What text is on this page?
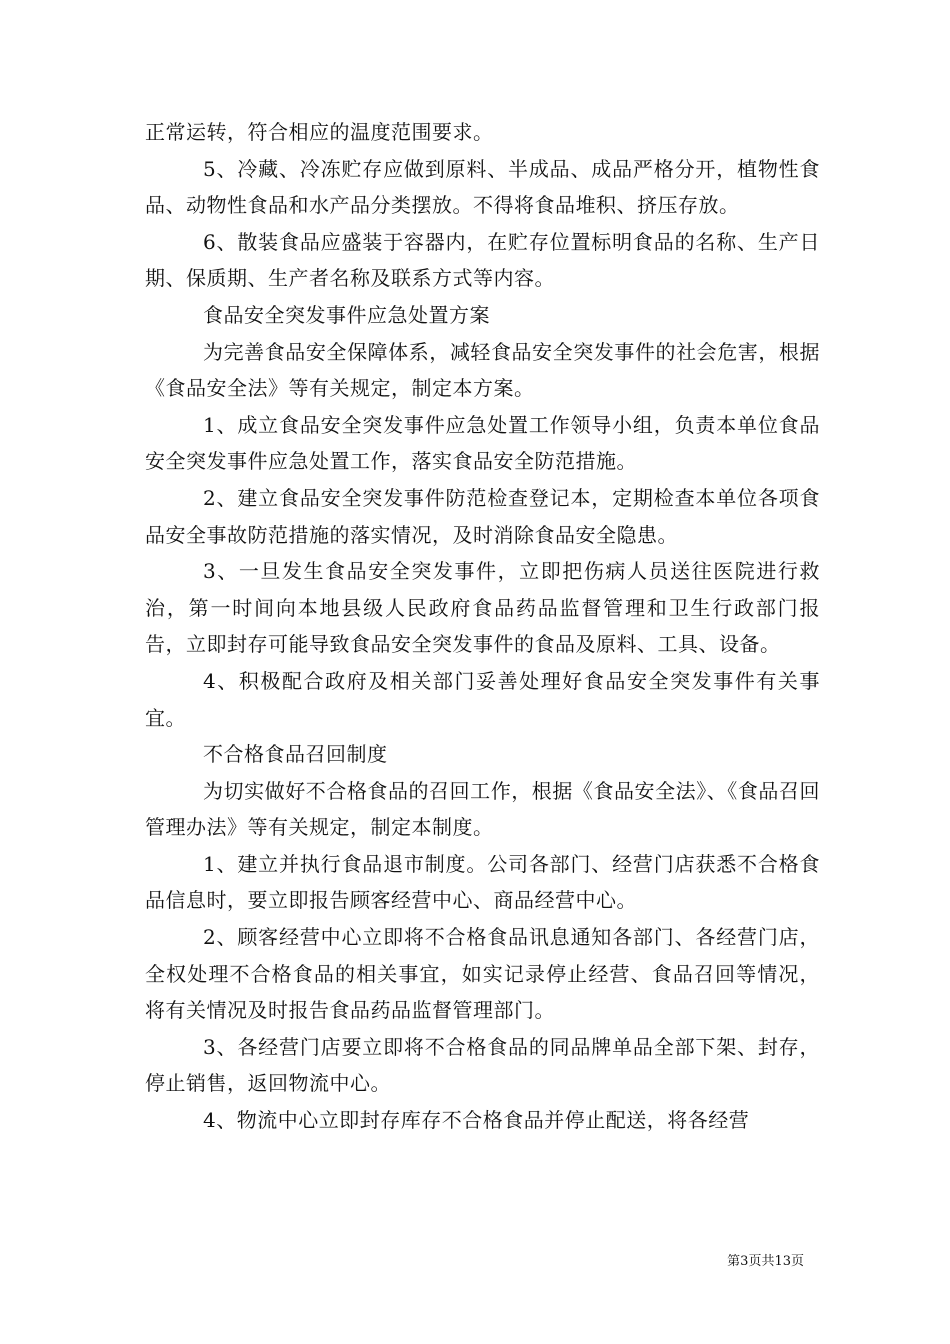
正常运转，符合相应的温度范围要求。

5、冷藏、冷冻贮存应做到原料、半成品、成品严格分开，植物性食品、动物性食品和水产品分类摆放。不得将食品堆积、挤压存放。

6、散装食品应盛装于容器内，在贮存位置标明食品的名称、生产日期、保质期、生产者名称及联系方式等内容。

食品安全突发事件应急处置方案

为完善食品安全保障体系，减轻食品安全突发事件的社会危害，根据《食品安全法》等有关规定，制定本方案。

1、成立食品安全突发事件应急处置工作领导小组，负责本单位食品安全突发事件应急处置工作，落实食品安全防范措施。

2、建立食品安全突发事件防范检查登记本，定期检查本单位各项食品安全事故防范措施的落实情况，及时消除食品安全隐患。

3、一旦发生食品安全突发事件，立即把伤病人员送往医院进行救治，第一时间向本地县级人民政府食品药品监督管理和卫生行政部门报告，立即封存可能导致食品安全突发事件的食品及原料、工具、设备。

4、积极配合政府及相关部门妥善处理好食品安全突发事件有关事宜。

不合格食品召回制度

为切实做好不合格食品的召回工作，根据《食品安全法》、《食品召回管理办法》等有关规定，制定本制度。

1、建立并执行食品退市制度。公司各部门、经营门店获悉不合格食品信息时，要立即报告顾客经营中心、商品经营中心。

2、顾客经营中心立即将不合格食品讯息通知各部门、各经营门店，全权处理不合格食品的相关事宜，如实记录停止经营、食品召回等情况，将有关情况及时报告食品药品监督管理部门。

3、各经营门店要立即将不合格食品的同品牌单品全部下架、封存，停止销售，返回物流中心。

4、物流中心立即封存库存不合格食品并停止配送，将各经营

第3页共13页
